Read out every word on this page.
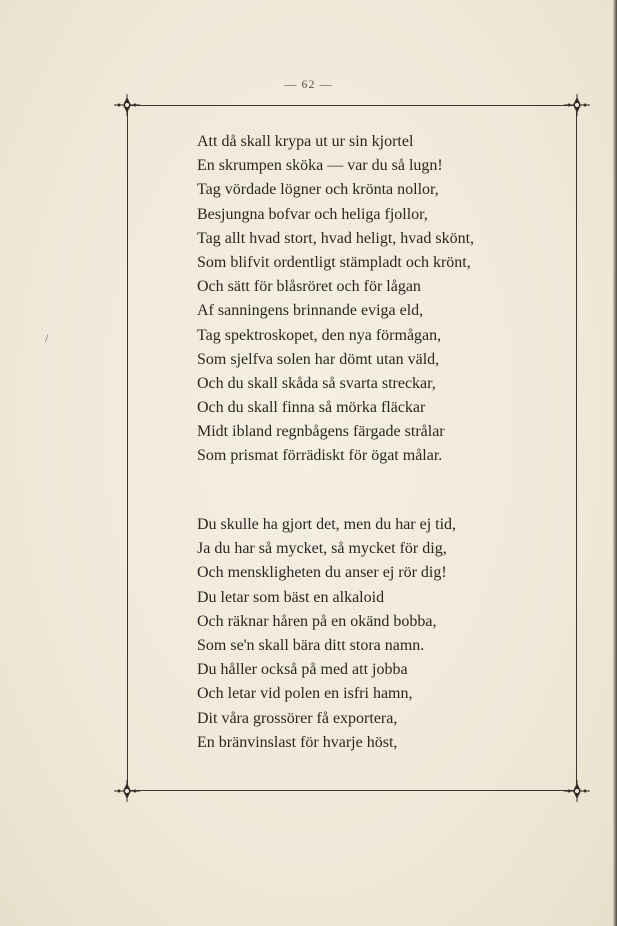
— 62 —
/
Att då skall krypa ut ur sin kjortel
En skrumpen sköka — var du så lugn!
Tag vördade lögner och krönta nollor,
Besjungna bofvar och heliga fjollor,
Tag allt hvad stort, hvad heligt, hvad skönt,
Som blifvit ordentligt stämpladt och krönt,
Och sätt för blåsröret och för lågan
Af sanningens brinnande eviga eld,
Tag spektroskopet, den nya förmågan,
Som sjelfva solen har dömt utan väld,
Och du skall skåda så svarta streckar,
Och du skall finna så mörka fläckar
Midt ibland regnbågens färgade strålar
Som prismat förrädiskt för ögat målar.
Du skulle ha gjort det, men du har ej tid,
Ja du har så mycket, så mycket för dig,
Och menskligheten du anser ej rör dig!
Du letar som bäst en alkaloid
Och räknar håren på en okänd bobba,
Som se'n skall bära ditt stora namn.
Du håller också på med att jobba
Och letar vid polen en isfri hamn,
Dit våra grossörer få exportera,
En bränvinslast för hvarje höst,
